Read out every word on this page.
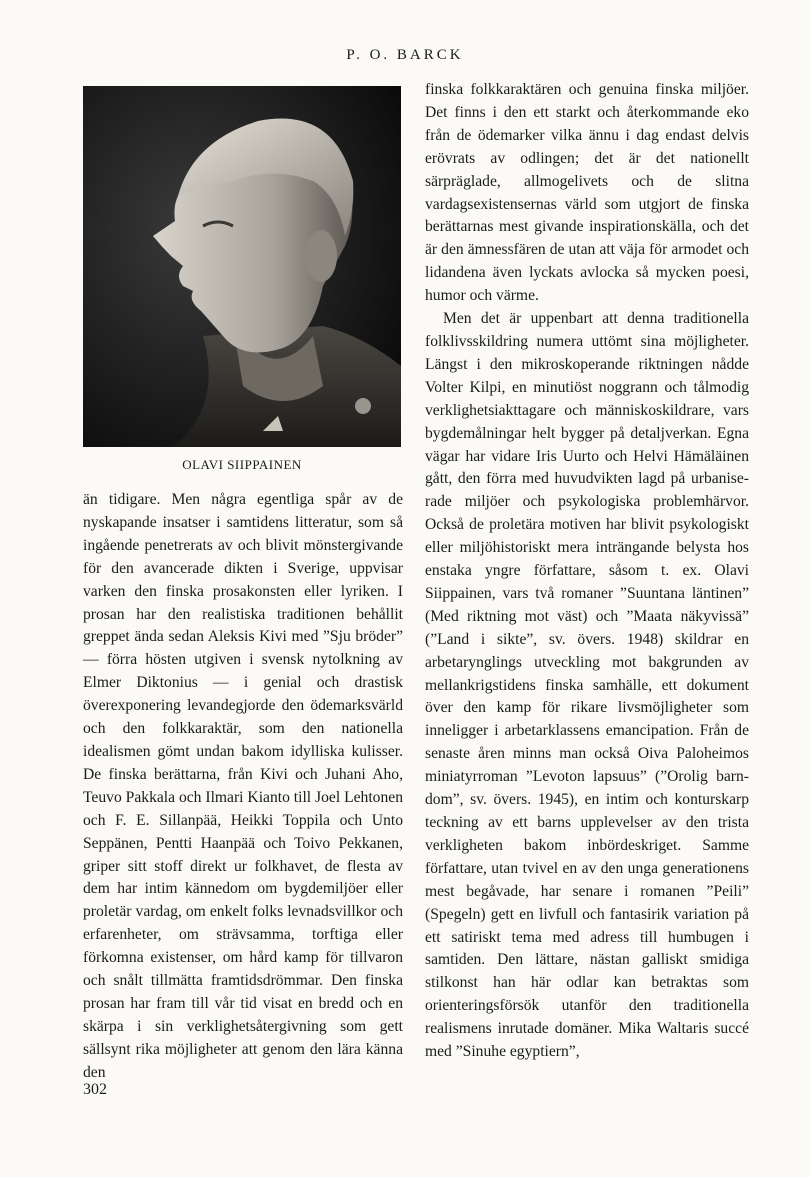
P. O. BARCK
OLAVI SIIPPAINEN

än tidigare. Men några egentliga spår av de nyskapande insatser i samtidens litteratur, som så ingående penetrerats av och blivit mönstergivande för den avancerade dikten i Sverige, uppvisar varken den finska prosakonsten eller lyriken. I prosan har den realistiska traditionen behållit greppet ända sedan Aleksis Kivi med ”Sju bröder” — förra hösten utgiven i svensk nytolkning av Elmer Diktonius — i genial och drastisk överexponering levandegjorde den ödemarksvärld och den folkkaraktär, som den nationella idealismen gömt undan bakom idylliska kulisser. De finska berättarna, från Kivi och Juhani Aho, Teuvo Pakkala och Ilmari Kianto till Joel Lehtonen och F. E. Sillanpää, Heikki Toppila och Unto Seppänen, Pentti Haanpää och Toivo Pekkanen, griper sitt stoff direkt ur folkhavet, de flesta av dem har intim kännedom om bygdemiljöer eller proletär vardag, om enkelt folks levnadsvillkor och erfarenheter, om strävsamma, torftiga eller förkomna existenser, om hård kamp för tillvaron och snålt tillmätta framtidsdrömmar. Den finska prosan har fram till vår tid visat en bredd och en skärpa i sin verklighetsåtergivning som gett sällsynt rika möjligheter att genom den lära känna den

finska folkkaraktären och genuina finska miljöer. Det finns i den ett starkt och återkommande eko från de ödemarker vilka ännu i dag endast delvis erövrats av odlingen; det är det nationellt särpräglade, allmogelivets och de slitna vardagsexistensernas värld som utgjort de finska berättarnas mest givande inspirationskälla, och det är den ämnessfären de utan att väja för armodet och lidandena även lyckats avlocka så mycken poesi, humor och värme.

Men det är uppenbart att denna traditionella folklivsskildring numera uttömt sina möjligheter. Längst i den mikroskoperande riktningen nådde Volter Kilpi, en minutiöst noggrann och tålmodig verklighetsiakttagare och människoskildrare, vars bygdemålningar helt bygger på detaljverkan. Egna vägar har vidare Iris Uurto och Helvi Hämäläinen gått, den förra med huvudvikten lagd på urbaniserade miljöer och psykologiska problemhärvor. Också de proletära motiven har blivit psykologiskt eller miljöhistoriskt mera inträngande belysta hos enstaka yngre författare, såsom t. ex. Olavi Siippainen, vars två romaner ”Suuntana läntinen” (Med riktning mot väst) och ”Maata näkyvissä” (”Land i sikte”, sv. övers. 1948) skildrar en arbetarynglings utveckling mot bakgrunden av mellankrigstidens finska samhälle, ett dokument över den kamp för rikare livsmöjligheter som inneligger i arbetarklassens emancipation. Från de senaste åren minns man också Oiva Paloheimos miniatyrroman ”Levoton lapsuus” (”Orolig barndom”, sv. övers. 1945), en intim och konturskarp teckning av ett barns upplevelser av den trista verkligheten bakom inbördeskriget. Samme författare, utan tvivel en av den unga generationens mest begåvade, har senare i romanen ”Peili” (Spegeln) gett en livfull och fantasirik variation på ett satiriskt tema med adress till humbugen i samtiden. Den lättare, nästan galliskt smidiga stilkonst han här odlar kan betraktas som orienteringsförsök utanför den traditionella realismens inrutade domäner. Mika Waltaris succé med ”Sinuhe egyptiern”,

302
